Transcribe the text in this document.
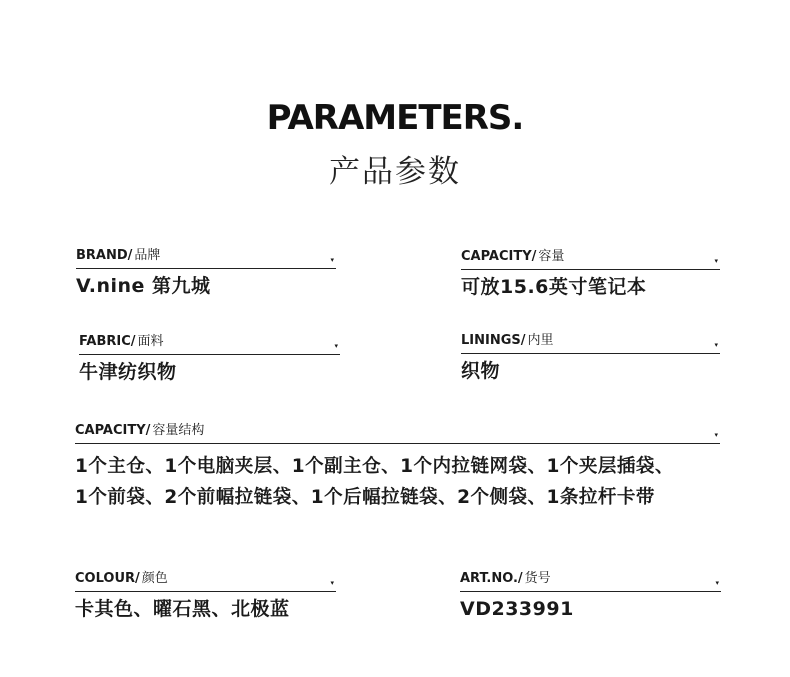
PARAMETERS.
产品参数
BRAND/ 品牌	▾
V.nine 第九城
CAPACITY/ 容量	▾
可放15.6英寸笔记本
FABRIC/ 面料	▾
牛津纺织物
LININGS/ 内里	▾
织物
CAPACITY/ 容量结构	▾
1个主仓、1个电脑夹层、1个副主仓、1个内拉链网袋、1个夹层插袋、
1个前袋、2个前幅拉链袋、1个后幅拉链袋、2个侧袋、1条拉杆卡带
COLOUR/ 颜色	▾
卡其色、曜石黑、北极蓝
ART.NO./ 货号	▾
VD233991
